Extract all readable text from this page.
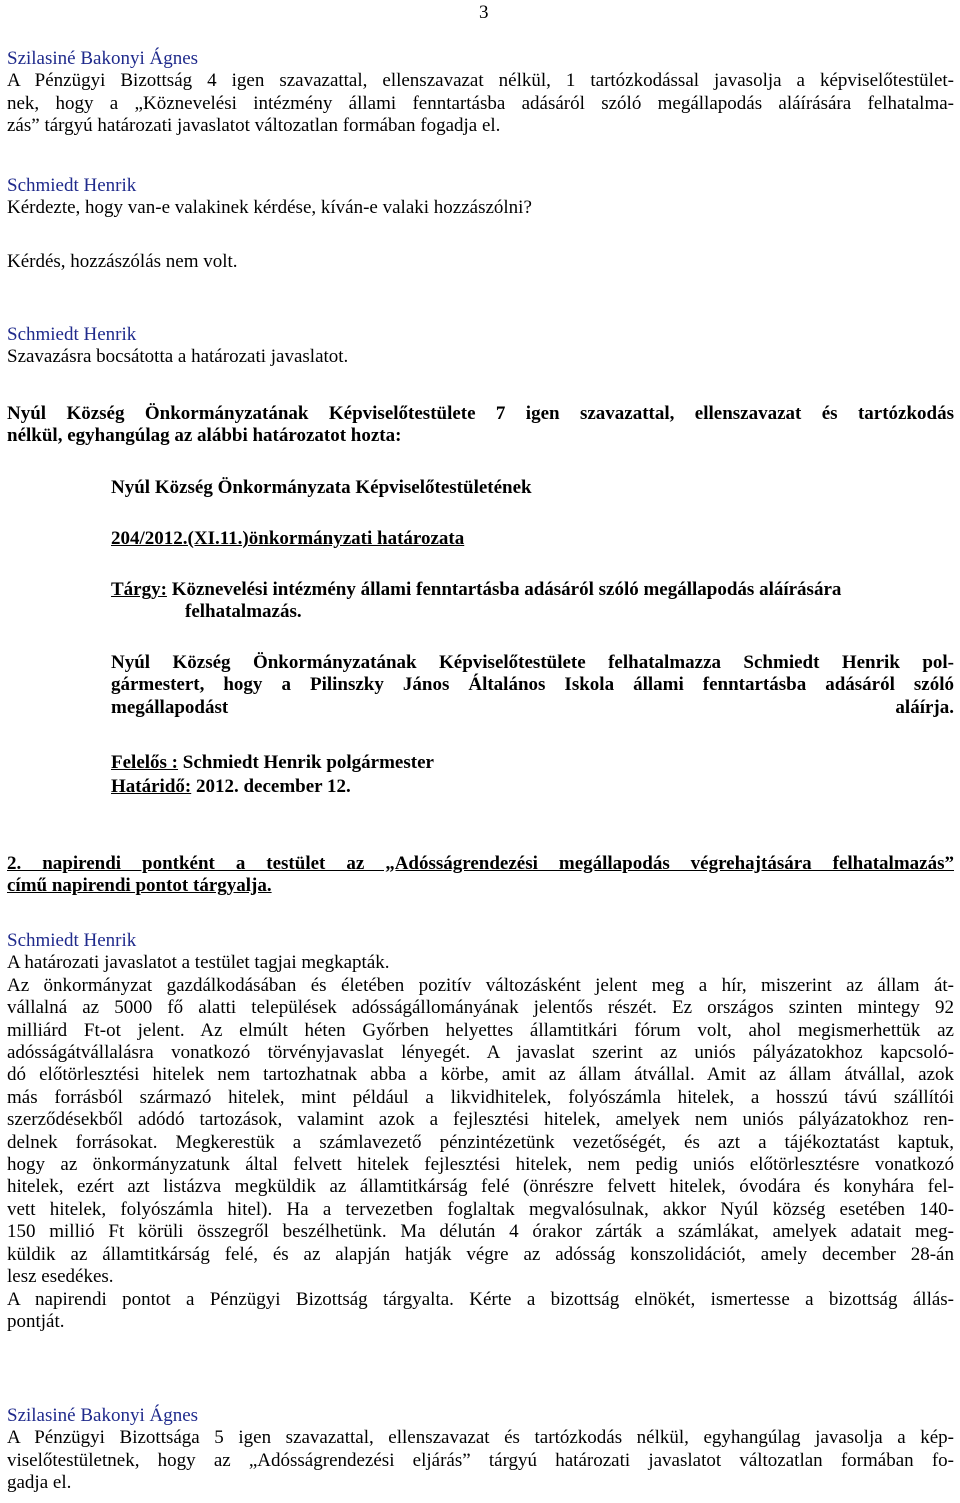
3
Szilasiné Bakonyi Ágnes
A Pénzügyi Bizottság 4 igen szavazattal, ellenszavazat nélkül, 1 tartózkodással javasolja a képviselőtestület-
nek, hogy a „Köznevelési intézmény állami fenntartásba adásáról szóló megállapodás aláírására felhatalma-
zás” tárgyú határozati javaslatot változatlan formában fogadja el.
Schmiedt Henrik
Kérdezte, hogy van-e valakinek kérdése, kíván-e valaki hozzászólni?
Kérdés, hozzászólás nem volt.
Schmiedt Henrik
Szavazásra bocsátotta a határozati javaslatot.
Nyúl Község Önkormányzatának Képviselőtestülete 7 igen szavazattal, ellenszavazat és tartózkodás
nélkül, egyhangúlag az alábbi határozatot hozta:
Nyúl Község Önkormányzata Képviselőtestületének
204/2012.(XI.11.)önkormányzati határozata
Tárgy: Köznevelési intézmény állami fenntartásba adásáról szóló megállapodás aláírására
felhatalmazás.
Nyúl Község Önkormányzatának Képviselőtestülete felhatalmazza Schmiedt Henrik pol-
gármestert, hogy a Pilinszky János Általános Iskola állami fenntartásba adásáról szóló
megállapodást aláírja.
Felelős : Schmiedt Henrik polgármester
Határidő: 2012. december 12.
2. napirendi pontként a testület az „Adósságrendezési megállapodás végrehajtására felhatalmazás”
című napirendi pontot tárgyalja.
Schmiedt Henrik
A határozati javaslatot a testület tagjai megkapták.
Az önkormányzat gazdálkodásában és életében pozitív változásként jelent meg a hír, miszerint az állam át-
vállalná az 5000 fő alatti települések adósságállományának jelentős részét. Ez országos szinten mintegy 92
milliárd Ft-ot jelent. Az elmúlt héten Győrben helyettes államtitkári fórum volt, ahol megismerhettük az
adósságátvállalásra vonatkozó törvényjavaslat lényegét. A javaslat szerint az uniós pályázatokhoz kapcsoló-
dó előtörlesztési hitelek nem tartozhatnak abba a körbe, amit az állam átvállal. Amit az állam átvállal, azok
más forrásból származó hitelek, mint például a likvidhitelek, folyószámla hitelek, a hosszú távú szállítói
szerződésekből adódó tartozások, valamint azok a fejlesztési hitelek, amelyek nem uniós pályázatokhoz ren-
delnek forrásokat. Megkerestük a számlavezető pénzintézetünk vezetőségét, és azt a tájékoztatást kaptuk,
hogy az önkormányzatunk által felvett hitelek fejlesztési hitelek, nem pedig uniós előtörlesztésre vonatkozó
hitelek, ezért azt listázva megküldik az államtitkárság felé (önrészre felvett hitelek, óvodára és konyhára fel-
vett hitelek, folyószámla hitel). Ha a tervezetben foglaltak megvalósulnak, akkor Nyúl község esetében 140-
150 millió Ft körüli összegről beszélhetünk. Ma délután 4 órakor zárták a számlákat, amelyek adatait meg-
küldik az államtitkárság felé, és az alapján hatják végre az adósság konszolidációt, amely december 28-án
lesz esedékes.
A napirendi pontot a Pénzügyi Bizottság tárgyalta. Kérte a bizottság elnökét, ismertesse a bizottság állás-
pontját.
Szilasiné Bakonyi Ágnes
A Pénzügyi Bizottsága 5 igen szavazattal, ellenszavazat és tartózkodás nélkül, egyhangúlag javasolja a kép-
viselőtestületnek, hogy az „Adósságrendezési eljárás” tárgyú határozati javaslatot változatlan formában fo-
gadja el.
